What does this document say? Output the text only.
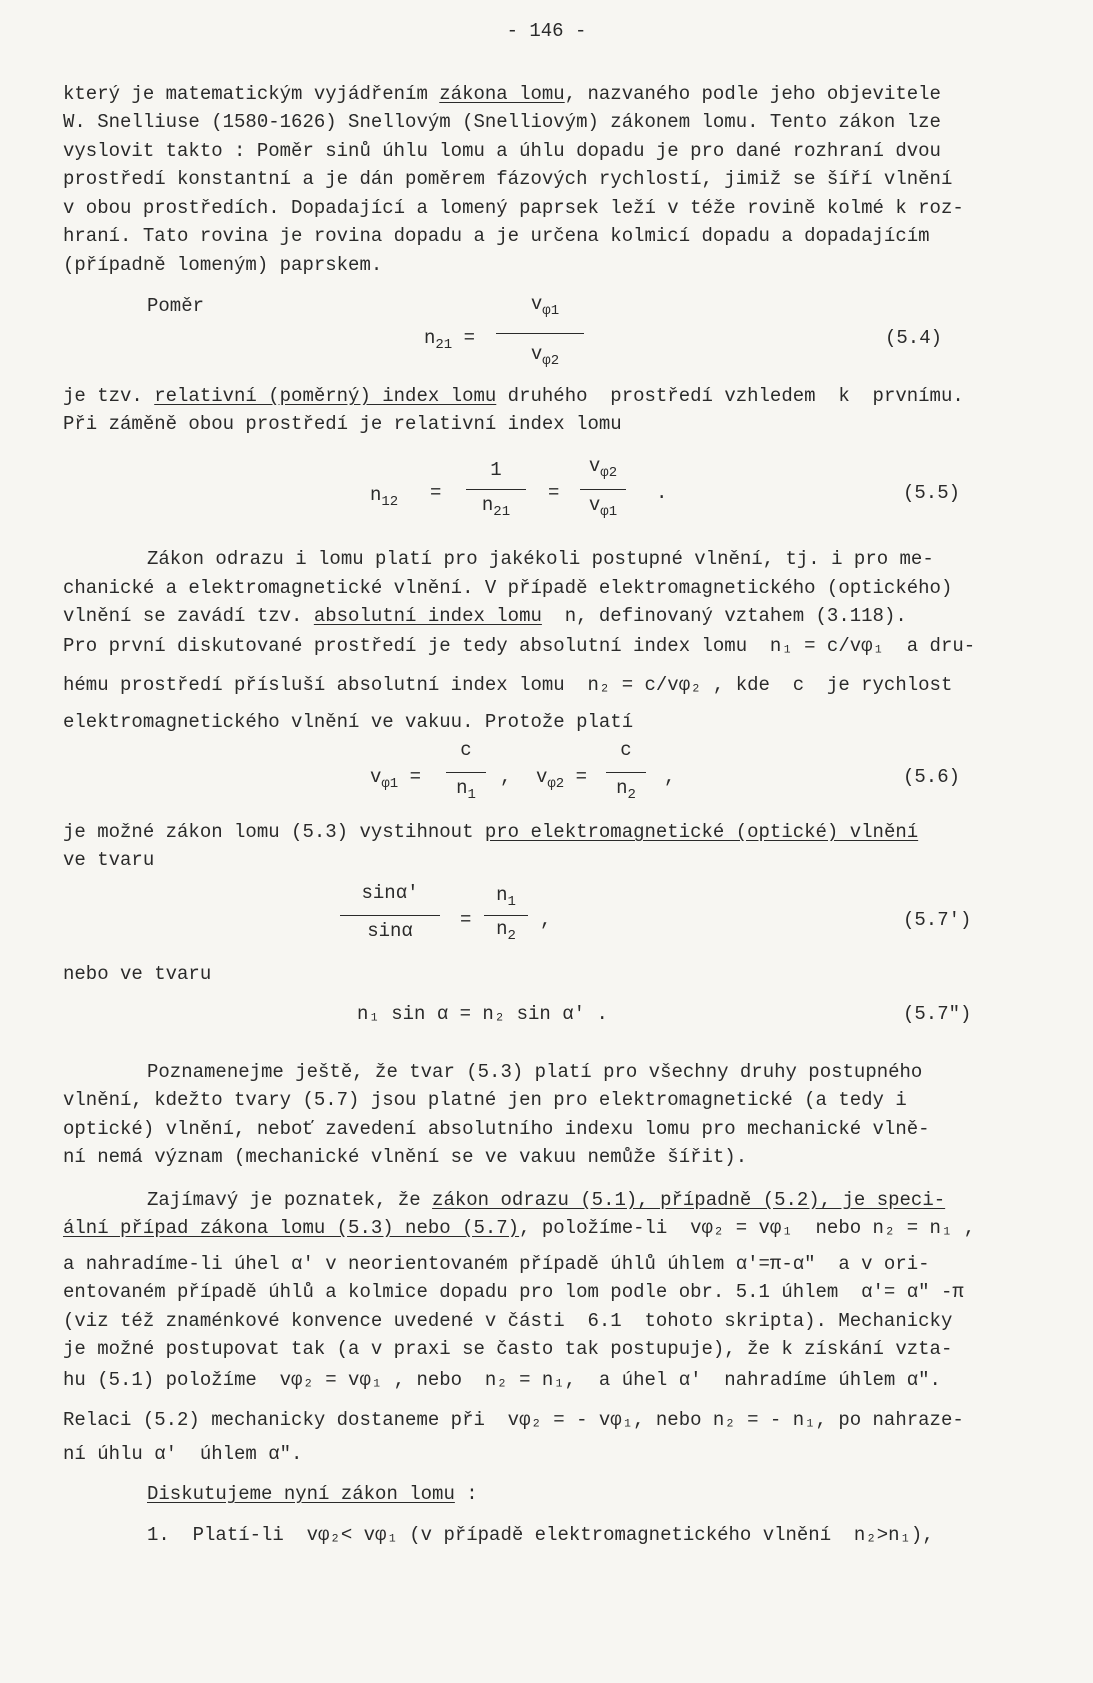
- 146 -
který je matematickým vyjádřením zákona lomu, nazvaného podle jeho objevitele
W. Snelliuse (1580-1626) Snellovým (Snelliovým) zákonem lomu. Tento zákon lze
vyslovit takto : Poměr sinů úhlu lomu a úhlu dopadu je pro dané rozhraní dvou
prostředí konstantní a je dán poměrem fázových rychlostí, jimiž se šíří vlnění
v obou prostředích. Dopadající a lomený paprsek leží v téže rovině kolmé k roz-
hraní. Tato rovina je rovina dopadu a je určena kolmicí dopadu a dopadajícím
(případně lomeným) paprskem.
Poměr
$n_{21}$ =
$v_{\varphi 1}$
$v_{\varphi 2}$
(5.4)
je tzv. relativní (poměrný) index lomu druhého  prostředí vzhledem  k  prvnímu.
Při záměně obou prostředí je relativní index lomu
$n_{12}$ =
1
$n_{21}$
=
$v_{\varphi 2}$
$v_{\varphi 1}$
.	(5.5)
Zákon odrazu i lomu platí pro jakékoli postupné vlnění, tj. i pro me-
chanické a elektromagnetické vlnění. V případě elektromagnetického (optického)
vlnění se zavádí tzv. absolutní index lomu  n, definovaný vztahem (3.118).
Pro první diskutované prostředí je tedy absolutní index lomu  n₁ = c/vφ₁  a dru-
hému prostředí přísluší absolutní index lomu  n₂ = c/vφ₂ , kde  c  je rychlost
elektromagnetického vlnění ve vakuu. Protože platí
$v_{\varphi 1}$ =
c
$n_1$
, $v_{\varphi 2}$ =
c
$n_2$
,	(5.6)
je možné zákon lomu (5.3) vystihnout pro elektromagnetické (optické) vlnění
ve tvaru
sinα′
sinα	=
$n_1$
$n_2$
,	(5.7′)
nebo ve tvaru
n₁ sin α = n₂ sin α′ .	(5.7″)
Poznamenejme ještě, že tvar (5.3) platí pro všechny druhy postupného
vlnění, kdežto tvary (5.7) jsou platné jen pro elektromagnetické (a tedy i
optické) vlnění, neboť zavedení absolutního indexu lomu pro mechanické vlně-
ní nemá význam (mechanické vlnění se ve vakuu nemůže šířit).
Zajímavý je poznatek, že zákon odrazu (5.1), případně (5.2), je speci-
ální případ zákona lomu (5.3) nebo (5.7), položíme-li  vφ₂ = vφ₁  nebo n₂ = n₁ ,
a nahradíme-li úhel α′ v neorientovaném případě úhlů úhlem α′=π-α″  a v ori-
entovaném případě úhlů a kolmice dopadu pro lom podle obr. 5.1 úhlem  α′= α″ -π
(viz též znaménkové konvence uvedené v části  6.1  tohoto skripta). Mechanicky
je možné postupovat tak (a v praxi se často tak postupuje), že k získání vzta-
hu (5.1) položíme  vφ₂ = vφ₁ , nebo  n₂ = n₁,  a úhel α′  nahradíme úhlem α″.
Relaci (5.2) mechanicky dostaneme při  vφ₂ = - vφ₁, nebo n₂ = - n₁, po nahraze-
ní úhlu α′  úhlem α″.
Diskutujeme nyní zákon lomu :
1.  Platí-li  vφ₂< vφ₁ (v případě elektromagnetického vlnění  n₂>n₁),
